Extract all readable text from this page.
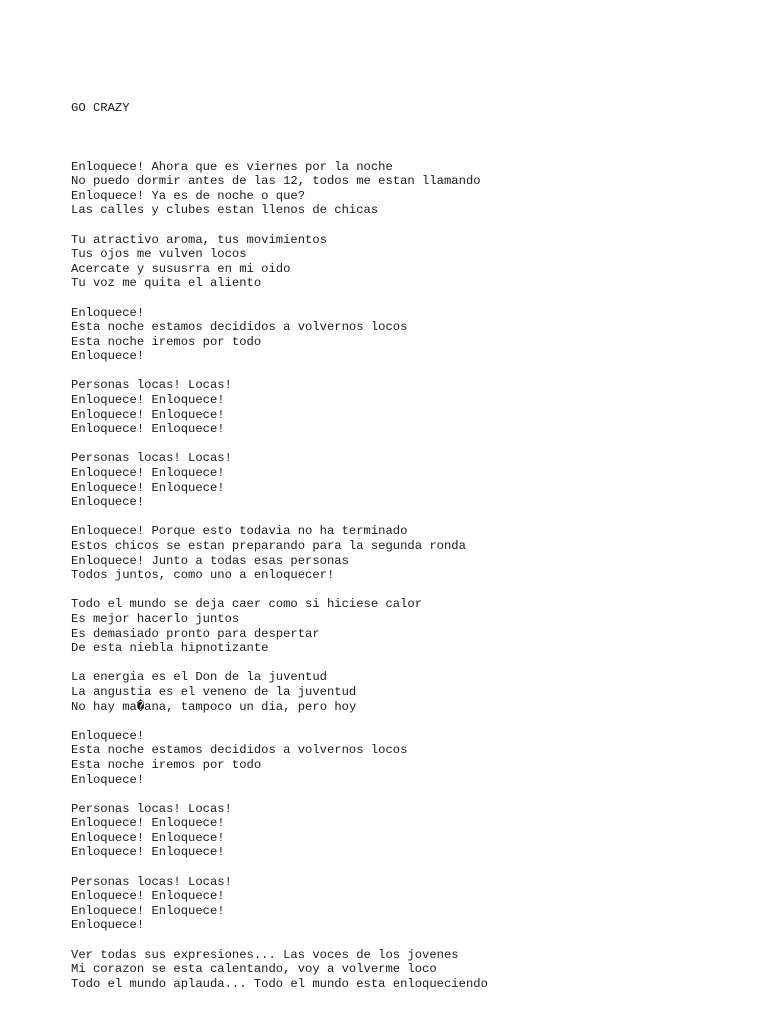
GO CRAZY

Enloquece! Ahora que es viernes por la noche
No puedo dormir antes de las 12, todos me estan llamando
Enloquece! Ya es de noche o que?
Las calles y clubes estan llenos de chicas
Tu atractivo aroma, tus movimientos
Tus ojos me vulven locos
Acercate y sususrra en mi oido
Tu voz me quita el aliento
Enloquece!
Esta noche estamos decididos a volvernos locos
Esta noche iremos por todo
Enloquece!
Personas locas! Locas!
Enloquece! Enloquece!
Enloquece! Enloquece!
Enloquece! Enloquece!
Personas locas! Locas!
Enloquece! Enloquece!
Enloquece! Enloquece!
Enloquece!
Enloquece! Porque esto todavia no ha terminado
Estos chicos se estan preparando para la segunda ronda
Enloquece! Junto a todas esas personas
Todos juntos, como uno a enloquecer!
Todo el mundo se deja caer como si hiciese calor
Es mejor hacerlo juntos
Es demasiado pronto para despertar
De esta niebla hipnotizante
La energia es el Don de la juventud
La angustia es el veneno de la juventud
No hay ma�ana, tampoco un dia, pero hoy
Enloquece!
Esta noche estamos decididos a volvernos locos
Esta noche iremos por todo
Enloquece!
Personas locas! Locas!
Enloquece! Enloquece!
Enloquece! Enloquece!
Enloquece! Enloquece!
Personas locas! Locas!
Enloquece! Enloquece!
Enloquece! Enloquece!
Enloquece!
Ver todas sus expresiones... Las voces de los jovenes
Mi corazon se esta calentando, voy a volverme loco
Todo el mundo aplauda... Todo el mundo esta enloqueciendo
